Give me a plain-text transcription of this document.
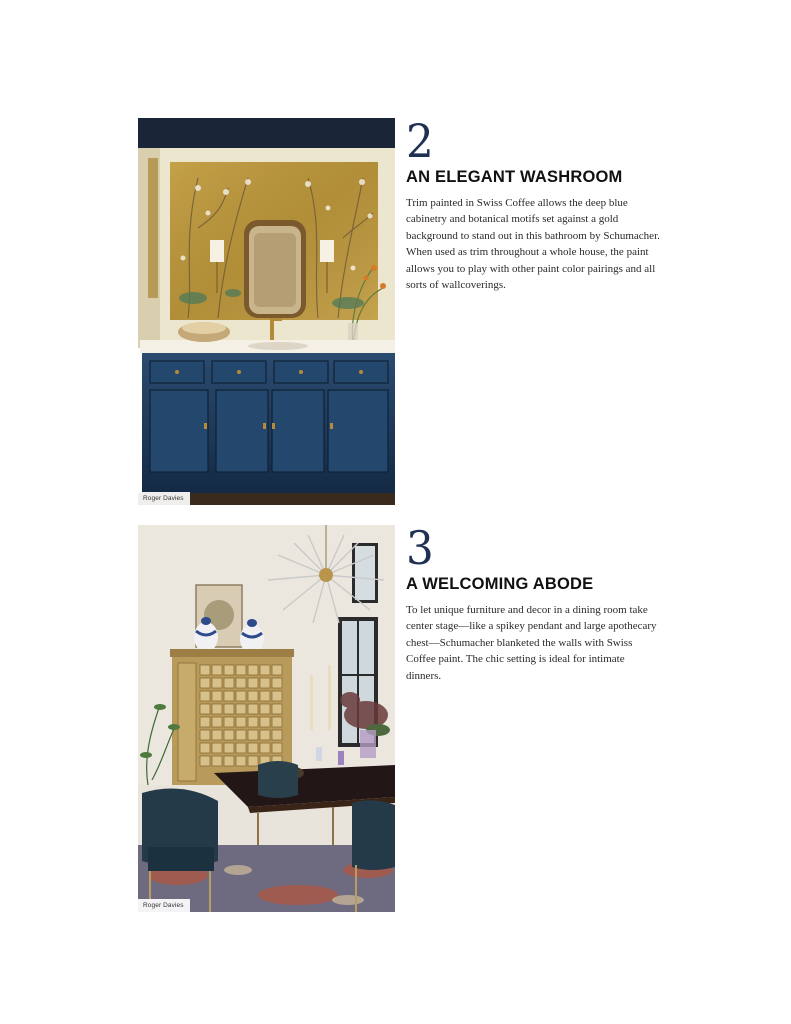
Roger Davies
2
AN ELEGANT WASHROOM
Trim painted in Swiss Coffee allows the deep blue cabinetry and botanical motifs set against a gold background to stand out in this bathroom by Schumacher. When used as trim throughout a whole house, the paint allows you to play with other paint color pairings and all sorts of wallcoverings.
Roger Davies
3
A WELCOMING ABODE
To let unique furniture and decor in a dining room take center stage—like a spikey pendant and large apothecary chest—Schumacher blanketed the walls with Swiss Coffee paint. The chic setting is ideal for intimate dinners.
